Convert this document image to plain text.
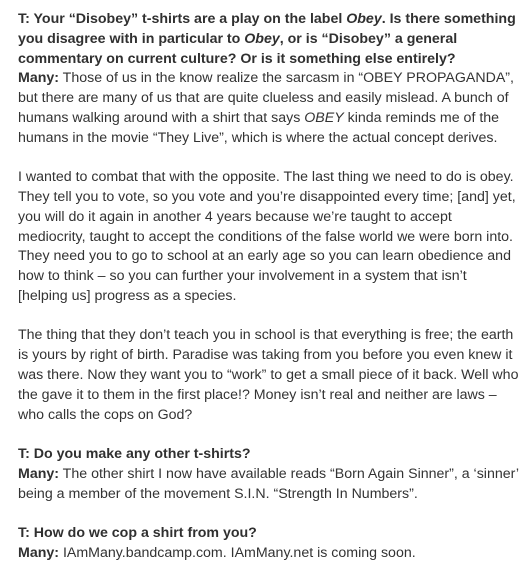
T: Your “Disobey” t-shirts are a play on the label Obey. Is there something you disagree with in particular to Obey, or is “Disobey” a general commentary on current culture? Or is it something else entirely?

Many: Those of us in the know realize the sarcasm in “OBEY PROPAGANDA”, but there are many of us that are quite clueless and easily mislead. A bunch of humans walking around with a shirt that says OBEY kinda reminds me of the humans in the movie “They Live”, which is where the actual concept derives.

I wanted to combat that with the opposite. The last thing we need to do is obey. They tell you to vote, so you vote and you’re disappointed every time; [and] yet, you will do it again in another 4 years because we’re taught to accept mediocrity, taught to accept the conditions of the false world we were born into. They need you to go to school at an early age so you can learn obedience and how to think – so you can further your involvement in a system that isn’t [helping us] progress as a species.

The thing that they don’t teach you in school is that everything is free; the earth is yours by right of birth. Paradise was taking from you before you even knew it was there. Now they want you to “work” to get a small piece of it back. Well who the gave it to them in the first place!? Money isn’t real and neither are laws – who calls the cops on God?

T: Do you make any other t-shirts?

Many: The other shirt I now have available reads “Born Again Sinner”, a ‘sinner’ being a member of the movement S.I.N. “Strength In Numbers”.

T: How do we cop a shirt from you?

Many: IAmMany.bandcamp.com. IAmMany.net is coming soon.
